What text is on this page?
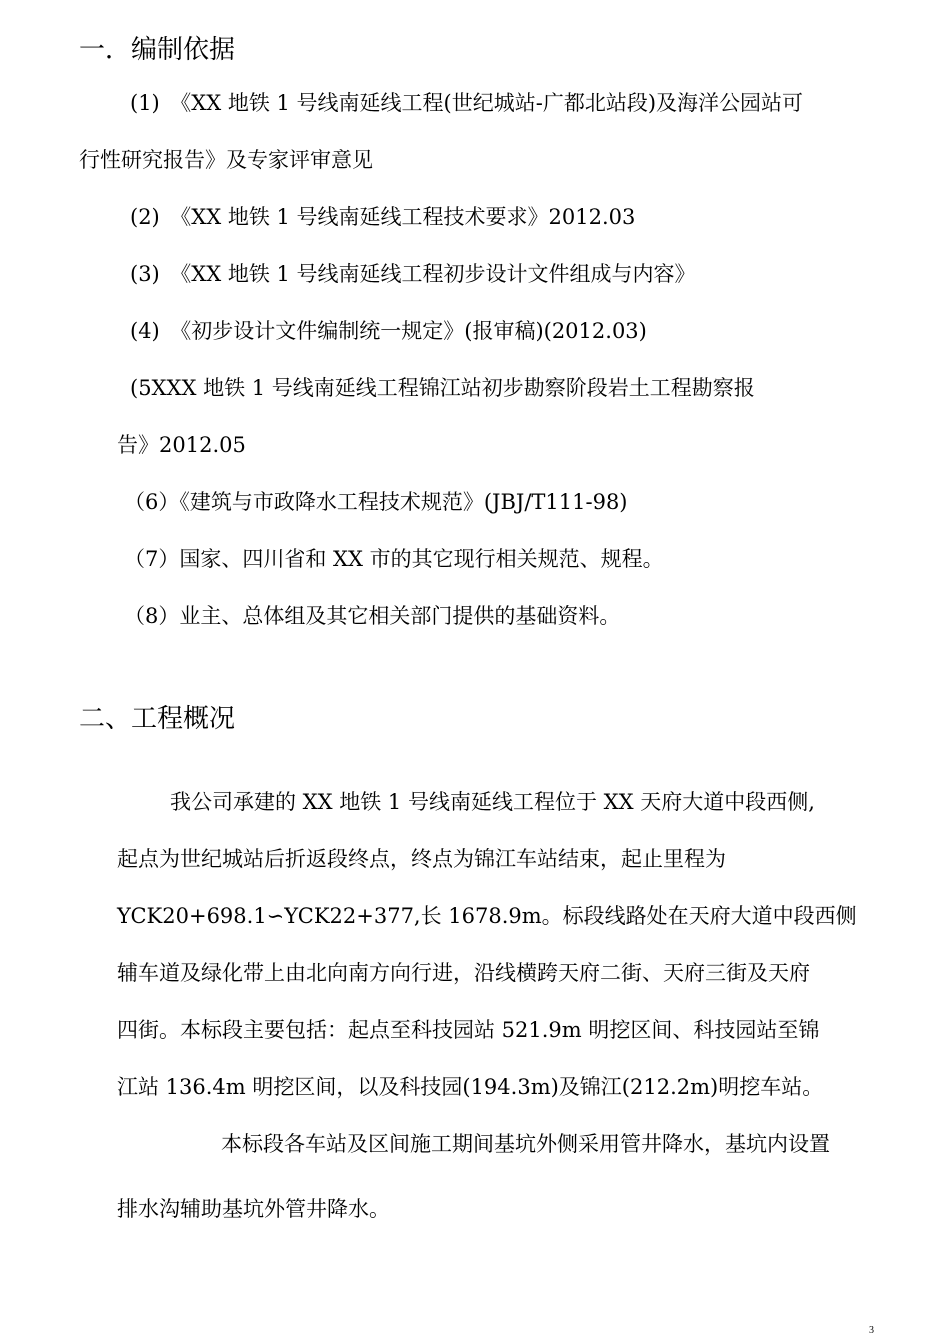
一．编制依据
(1)　《XX 地铁 1 号线南延线工程(世纪城站-广都北站段)及海洋公园站可
行性研究报告》及专家评审意见
(2)　《XX 地铁 1 号线南延线工程技术要求》2012.03
(3)　《XX 地铁 1 号线南延线工程初步设计文件组成与内容》
(4)　《初步设计文件编制统一规定》(报审稿)(2012.03)
(5XXX 地铁 1 号线南延线工程锦江站初步勘察阶段岩土工程勘察报
告》2012.05
（6）《建筑与市政降水工程技术规范》(JBJ/T111-98)
（7）国家、四川省和 XX 市的其它现行相关规范、规程。
（8）业主、总体组及其它相关部门提供的基础资料。
二、工程概况
我公司承建的 XX 地铁 1 号线南延线工程位于 XX 天府大道中段西侧,
起点为世纪城站后折返段终点，终点为锦江车站结束，起止里程为
YCK20+698.1∽YCK22+377,长 1678.9m。标段线路处在天府大道中段西侧
辅车道及绿化带上由北向南方向行进，沿线横跨天府二街、天府三街及天府
四街。本标段主要包括：起点至科技园站 521.9m 明挖区间、科技园站至锦
江站 136.4m 明挖区间，以及科技园(194.3m)及锦江(212.2m)明挖车站。
本标段各车站及区间施工期间基坑外侧采用管井降水，基坑内设置
排水沟辅助基坑外管井降水。
3
